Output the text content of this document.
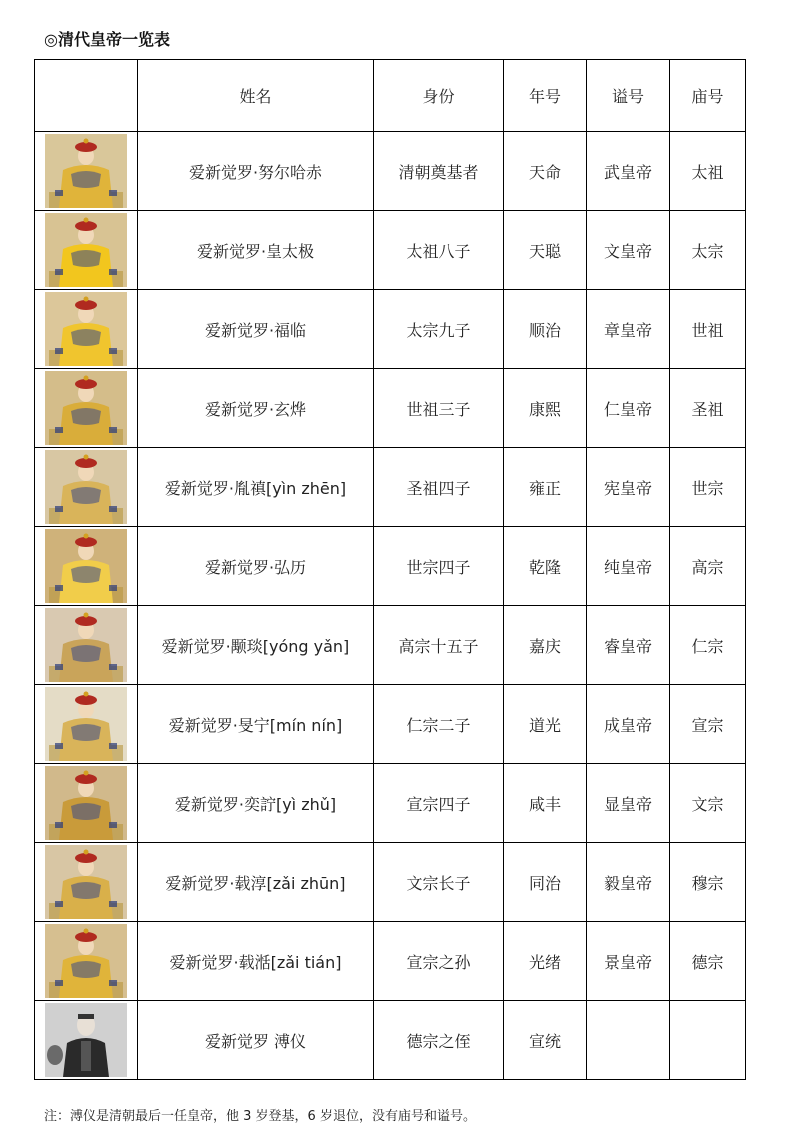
◎清代皇帝一览表
	姓名	身份	年号	谥号	庙号

	爱新觉罗·努尔哈赤	清朝奠基者	天命	武皇帝	太祖

	爱新觉罗·皇太极	太祖八子	天聪	文皇帝	太宗

	爱新觉罗·福临	太宗九子	顺治	章皇帝	世祖

	爱新觉罗·玄烨	世祖三子	康熙	仁皇帝	圣祖

	爱新觉罗·胤禛[yìn zhēn]	圣祖四子	雍正	宪皇帝	世宗

	爱新觉罗·弘历	世宗四子	乾隆	纯皇帝	高宗

	爱新觉罗·颙琰[yóng yǎn]	高宗十五子	嘉庆	睿皇帝	仁宗

	爱新觉罗·旻宁[mín nín]	仁宗二子	道光	成皇帝	宣宗

	爱新觉罗·奕詝[yì zhǔ]	宣宗四子	咸丰	显皇帝	文宗

	爱新觉罗·载淳[zǎi zhūn]	文宗长子	同治	毅皇帝	穆宗

	爱新觉罗·载湉[zǎi tián]	宣宗之孙	光绪	景皇帝	德宗

	爱新觉罗 溥仪	德宗之侄	宣统		
注：溥仪是清朝最后一任皇帝，他 3 岁登基，6 岁退位，没有庙号和谥号。
